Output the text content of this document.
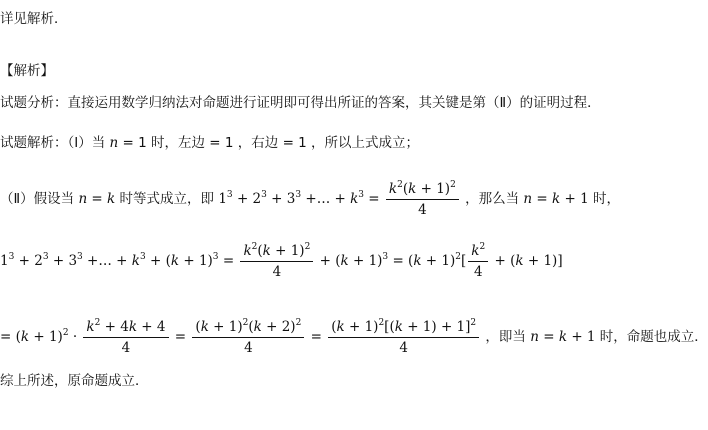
详见解析．
【解析】
试题分析：直接运用数学归纳法对命题进行证明即可得出所证的答案，其关键是第（Ⅱ）的证明过程．
试题解析：（Ⅰ）当 n = 1 时，左边 = 1 ，右边 = 1 ，所以上式成立；
（Ⅱ）假设当 n = k 时等式成立，即 $1^3 + 2^3 + 3^3$ +… + $k^3 = \frac{k^2(k + 1)^2}{4}$ ，那么当 n = k + 1 时，
$1^3 + 2^3 + 3^3$ +… + $k^3 + (k + 1)^3 = \frac{k^2(k + 1)^2}{4} + (k + 1)^3 = (k + 1)^2[ \frac{k^2}{4} + (k + 1)]$
= $(k + 1)^2 \cdot \frac{k^2 + 4k + 4}{4} = \frac{(k + 1)^2(k + 2)^2}{4} = \frac{(k + 1)^2[(k + 1) + 1]^2}{4}$ ，即当 n = k + 1 时，命题也成立．
综上所述，原命题成立．
